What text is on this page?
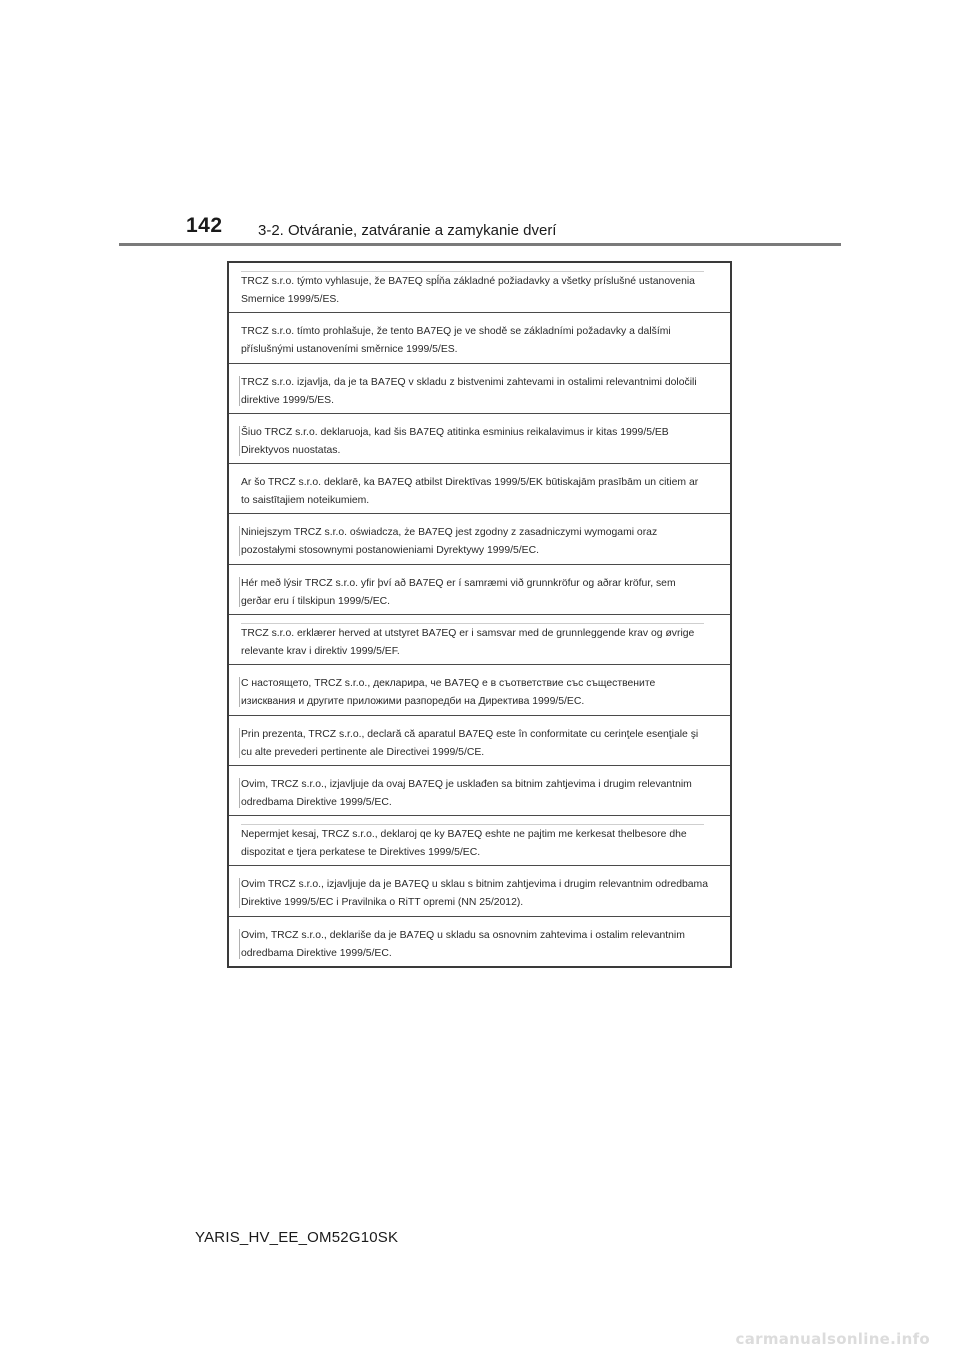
142 3-2. Otváranie, zatváranie a zamykanie dverí
TRCZ s.r.o. týmto vyhlasuje, že BA7EQ spĺňa základné požiadavky a všetky príslušné ustanovenia Smernice 1999/5/ES.
TRCZ s.r.o. tímto prohlašuje, že tento BA7EQ je ve shodě se základními požadavky a dalšími příslušnými ustanoveními směrnice 1999/5/ES.
TRCZ s.r.o. izjavlja, da je ta BA7EQ v skladu z bistvenimi zahtevami in ostalimi relevantnimi določili direktive 1999/5/ES.
Šiuo TRCZ s.r.o. deklaruoja, kad šis BA7EQ atitinka esminius reikalavimus ir kitas 1999/5/EB Direktyvos nuostatas.
Ar šo TRCZ s.r.o. deklarē, ka BA7EQ atbilst Direktīvas 1999/5/EK būtiskajām prasībām un citiem ar to saistītajiem noteikumiem.
Niniejszym TRCZ s.r.o. oświadcza, że BA7EQ jest zgodny z zasadniczymi wymogami oraz pozostałymi stosownymi postanowieniami Dyrektywy 1999/5/EC.
Hér með lýsir TRCZ s.r.o. yfir því að BA7EQ er í samræmi við grunnkröfur og aðrar kröfur, sem gerðar eru í tilskipun 1999/5/EC.
TRCZ s.r.o. erklærer herved at utstyret BA7EQ er i samsvar med de grunnleggende krav og øvrige relevante krav i direktiv 1999/5/EF.
С настоящето, TRCZ s.r.o., декларира, че BA7EQ е в съответствие със съществените изисквания и другите приложими разпоредби на Директива 1999/5/ЕС.
Prin prezenta, TRCZ s.r.o., declară că aparatul BA7EQ este în conformitate cu cerinţele esenţiale şi cu alte prevederi pertinente ale Directivei 1999/5/CE.
Ovim, TRCZ s.r.o., izjavljuje da ovaj BA7EQ je usklađen sa bitnim zahtjevima i drugim relevantnim odredbama Direktive 1999/5/EC.
Nepermjet kesaj, TRCZ s.r.o., deklaroj qe ky BA7EQ eshte ne pajtim me kerkesat thelbesore dhe dispozitat e tjera perkatese te Direktives 1999/5/EC.
Ovim TRCZ s.r.o., izjavljuje da je BA7EQ u sklau s bitnim zahtjevima i drugim relevantnim odredbama Direktive 1999/5/EC i Pravilnika o RiTT opremi (NN 25/2012).
Ovim, TRCZ s.r.o., deklariše da je BA7EQ u skladu sa osnovnim zahtevima i ostalim relevantnim odredbama Direktive 1999/5/EC.
YARIS_HV_EE_OM52G10SK
carmanualsonline.info
